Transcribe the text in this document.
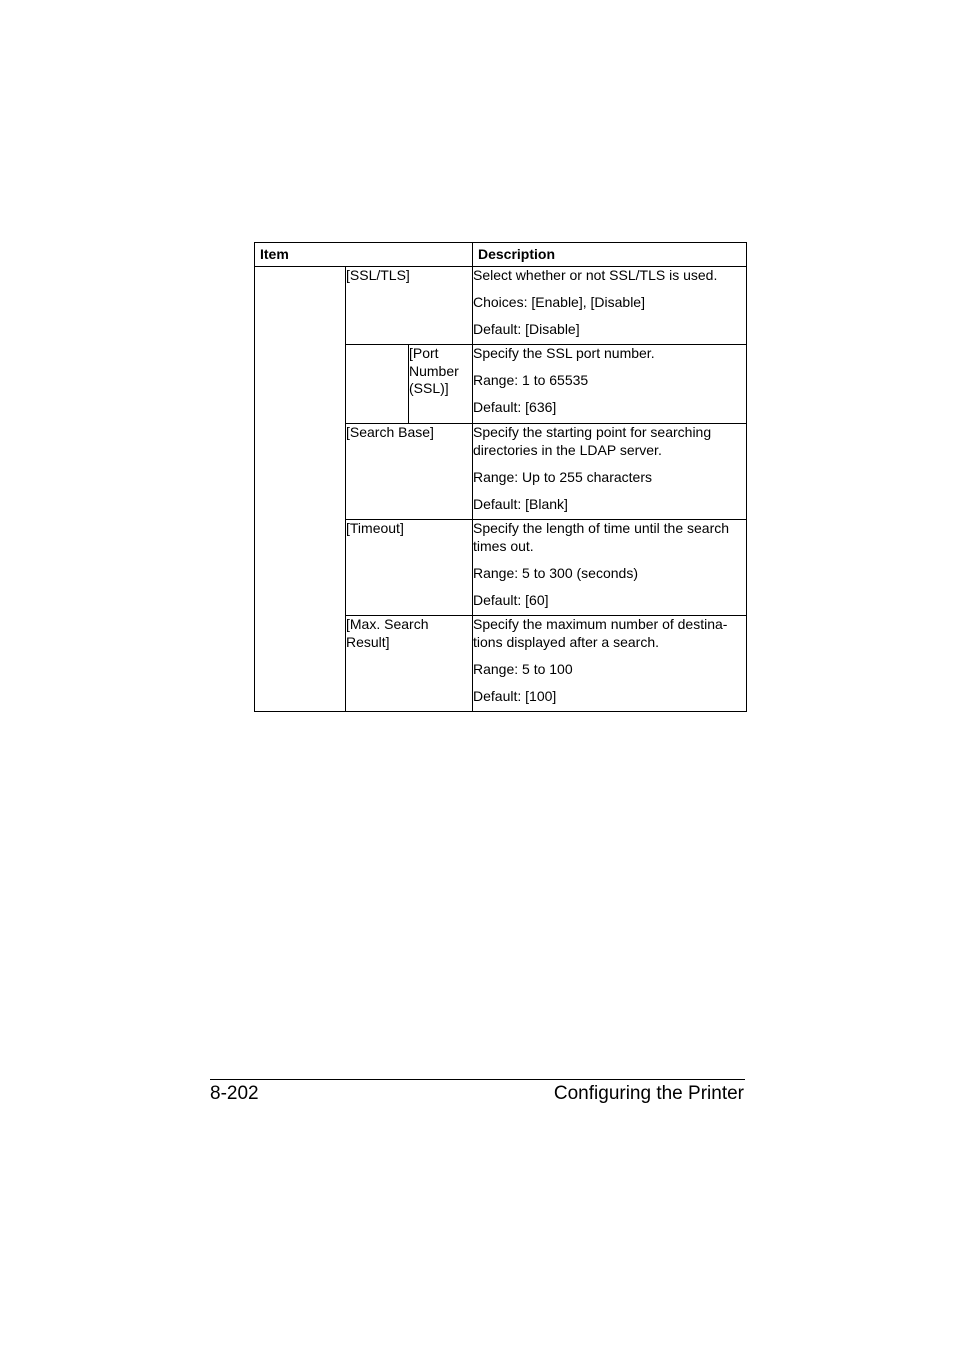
Item			Description
	[SSL/TLS]		Select whether or not SSL/TLS is used.

Choices: [Enable], [Disable]

Default: [Disable]

		[Port Number (SSL)]	Specify the SSL port number.

Range: 1 to 65535

Default: [636]

	[Search Base]		Specify the starting point for searching directories in the LDAP server.

Range: Up to 255 characters

Default: [Blank]

	[Timeout]		Specify the length of time until the search times out.

Range: 5 to 300 (seconds)

Default: [60]

	[Max. Search Result]		Specify the maximum number of destina-tions displayed after a search.

Range: 5 to 100

Default: [100]

8-202	Configuring the Printer
